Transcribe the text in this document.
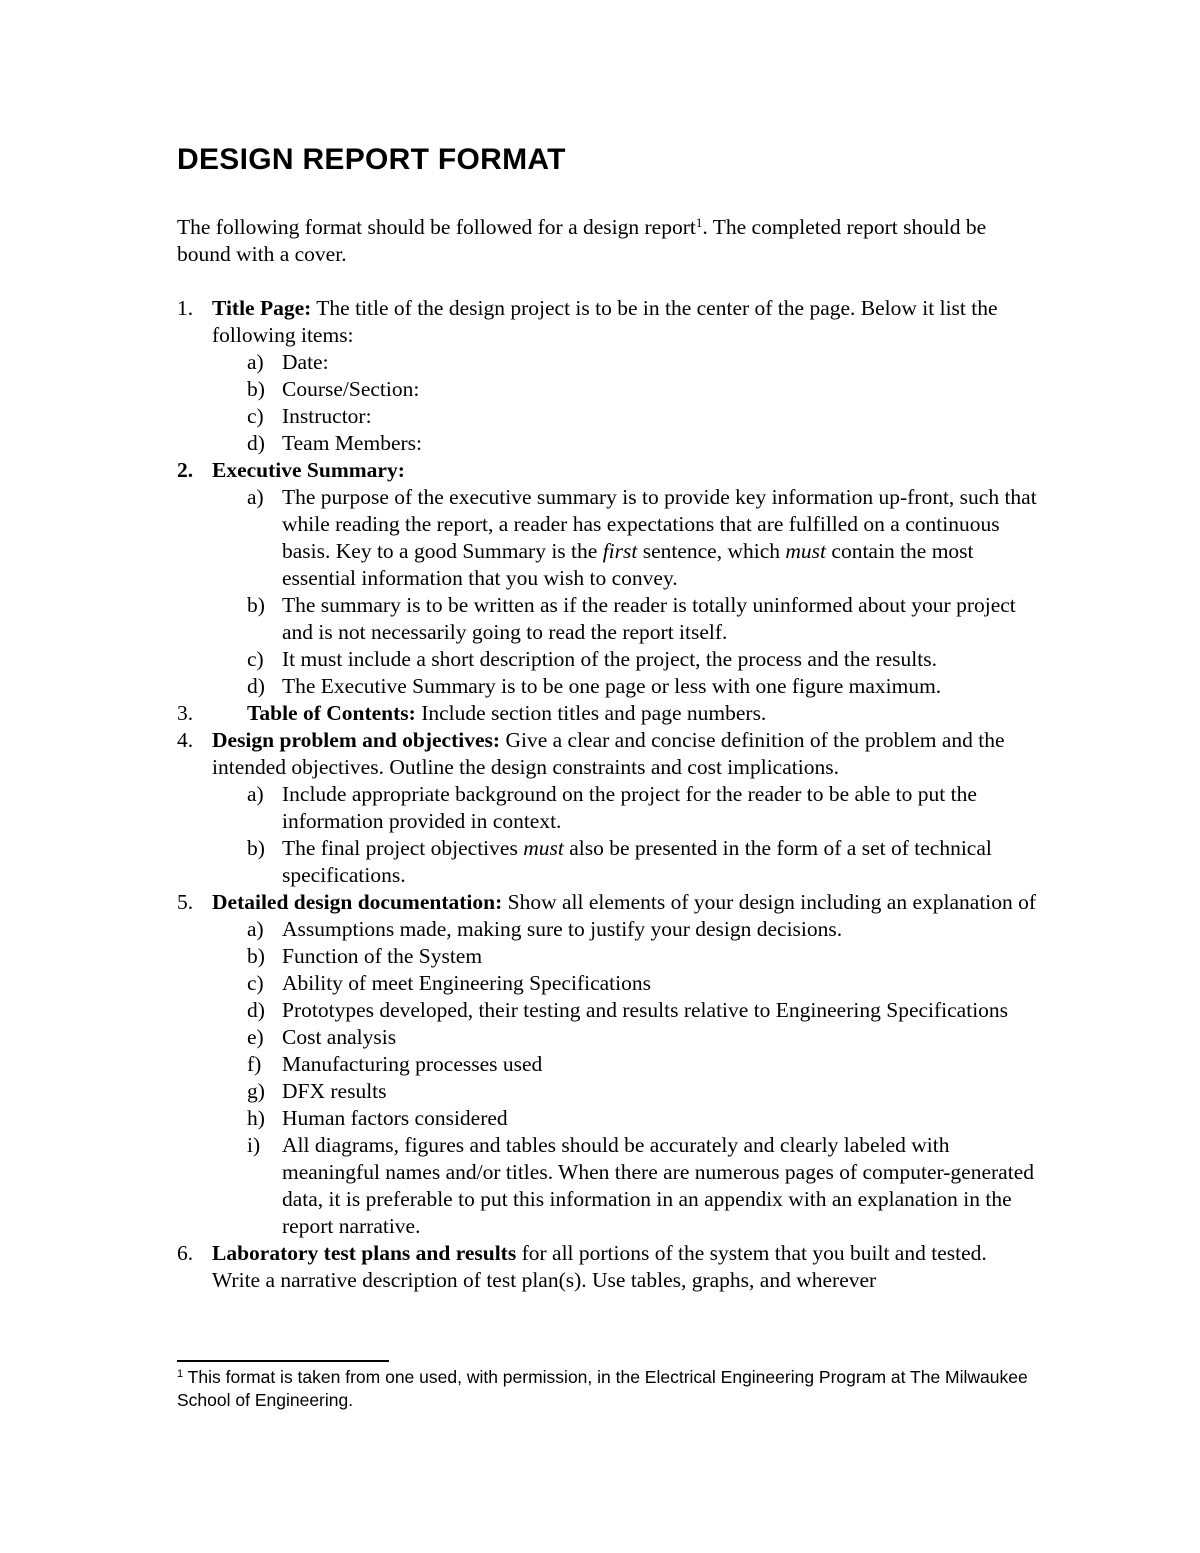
DESIGN REPORT FORMAT

The following format should be followed for a design report$^1$. The completed report should be bound with a cover.

1. Title Page: The title of the design project is to be in the center of the page. Below it list the following items:
a) Date:
b) Course/Section:
c) Instructor:
d) Team Members:
2. Executive Summary:
a) The purpose of the executive summary is to provide key information up-front, such that while reading the report, a reader has expectations that are fulfilled on a continuous basis. Key to a good Summary is the first sentence, which must contain the most essential information that you wish to convey.
b) The summary is to be written as if the reader is totally uninformed about your project and is not necessarily going to read the report itself.
c) It must include a short description of the project, the process and the results.
d) The Executive Summary is to be one page or less with one figure maximum.
3.	Table of Contents: Include section titles and page numbers.
4. Design problem and objectives: Give a clear and concise definition of the problem and the intended objectives. Outline the design constraints and cost implications.
a) Include appropriate background on the project for the reader to be able to put the information provided in context.
b) The final project objectives must also be presented in the form of a set of technical specifications.
5. Detailed design documentation: Show all elements of your design including an explanation of
a) Assumptions made, making sure to justify your design decisions.
b) Function of the System
c) Ability of meet Engineering Specifications
d) Prototypes developed, their testing and results relative to Engineering Specifications
e) Cost analysis
f) Manufacturing processes used
g) DFX results
h) Human factors considered
i) All diagrams, figures and tables should be accurately and clearly labeled with meaningful names and/or titles. When there are numerous pages of computer-generated data, it is preferable to put this information in an appendix with an explanation in the report narrative.
6. Laboratory test plans and results for all portions of the system that you built and tested. Write a narrative description of test plan(s). Use tables, graphs, and wherever

$^1$ This format is taken from one used, with permission, in the Electrical Engineering Program at The Milwaukee School of Engineering.
